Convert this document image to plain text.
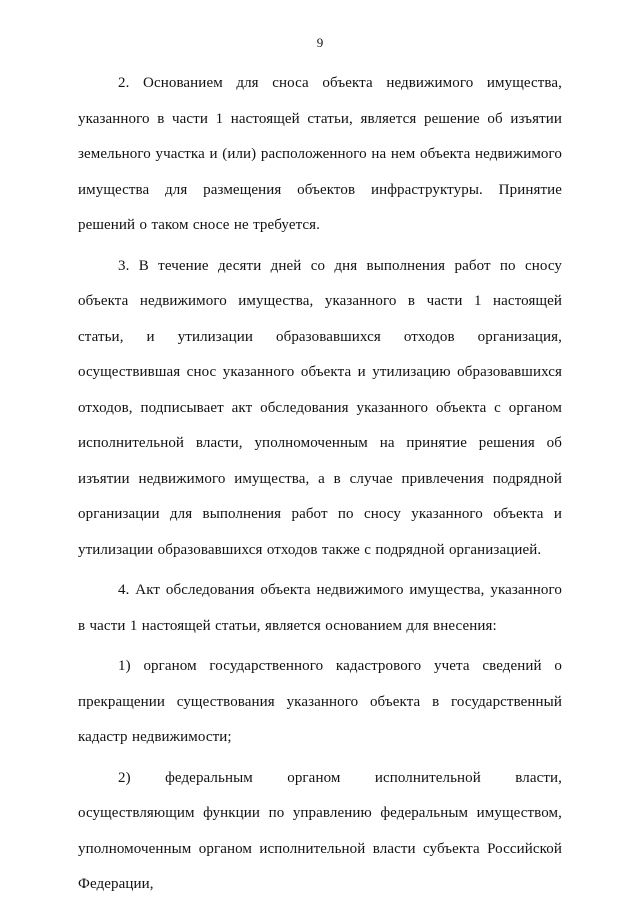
9

2. Основанием для сноса объекта недвижимого имущества, указанного в части 1 настоящей статьи, является решение об изъятии земельного участка и (или) расположенного на нем объекта недвижимого имущества для размещения объектов инфраструктуры. Принятие решений о таком сносе не требуется.

3. В течение десяти дней со дня выполнения работ по сносу объекта недвижимого имущества, указанного в части 1 настоящей статьи, и утилизации образовавшихся отходов организация, осуществившая снос указанного объекта и утилизацию образовавшихся отходов, подписывает акт обследования указанного объекта с органом исполнительной власти, уполномоченным на принятие решения об изъятии недвижимого имущества, а в случае привлечения подрядной организации для выполнения работ по сносу указанного объекта и утилизации образовавшихся отходов также с подрядной организацией.

4. Акт обследования объекта недвижимого имущества, указанного в части 1 настоящей статьи, является основанием для внесения:

1) органом государственного кадастрового учета сведений о прекращении существования указанного объекта в государственный кадастр недвижимости;

2) федеральным органом исполнительной власти, осуществляющим функции по управлению федеральным имуществом, уполномоченным органом исполнительной власти субъекта Российской Федерации,
